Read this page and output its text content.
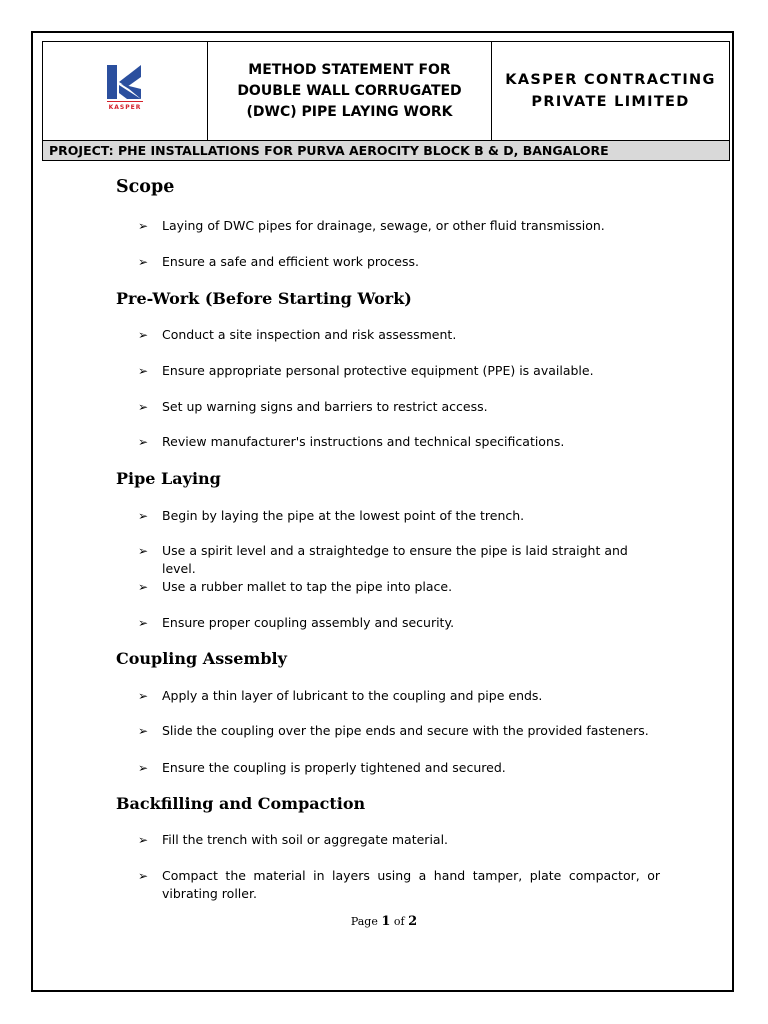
KASPER
METHOD STATEMENT FOR DOUBLE WALL CORRUGATED (DWC) PIPE LAYING WORK
KASPER CONTRACTING
PRIVATE LIMITED
PROJECT: PHE INSTALLATIONS FOR PURVA AEROCITY BLOCK B & D, BANGALORE
Scope
➢ Laying of DWC pipes for drainage, sewage, or other fluid transmission.
➢ Ensure a safe and efficient work process.
Pre-Work (Before Starting Work)
➢ Conduct a site inspection and risk assessment.
➢ Ensure appropriate personal protective equipment (PPE) is available.
➢ Set up warning signs and barriers to restrict access.
➢ Review manufacturer's instructions and technical specifications.
Pipe Laying
➢ Begin by laying the pipe at the lowest point of the trench.
➢ Use a spirit level and a straightedge to ensure the pipe is laid straight and level.
➢ Use a rubber mallet to tap the pipe into place.
➢ Ensure proper coupling assembly and security.
Coupling Assembly
➢ Apply a thin layer of lubricant to the coupling and pipe ends.
➢ Slide the coupling over the pipe ends and secure with the provided fasteners.
➢ Ensure the coupling is properly tightened and secured.
Backfilling and Compaction
➢ Fill the trench with soil or aggregate material.
➢ Compact the material in layers using a hand tamper, plate compactor, or vibrating roller.
Page 1 of 2
